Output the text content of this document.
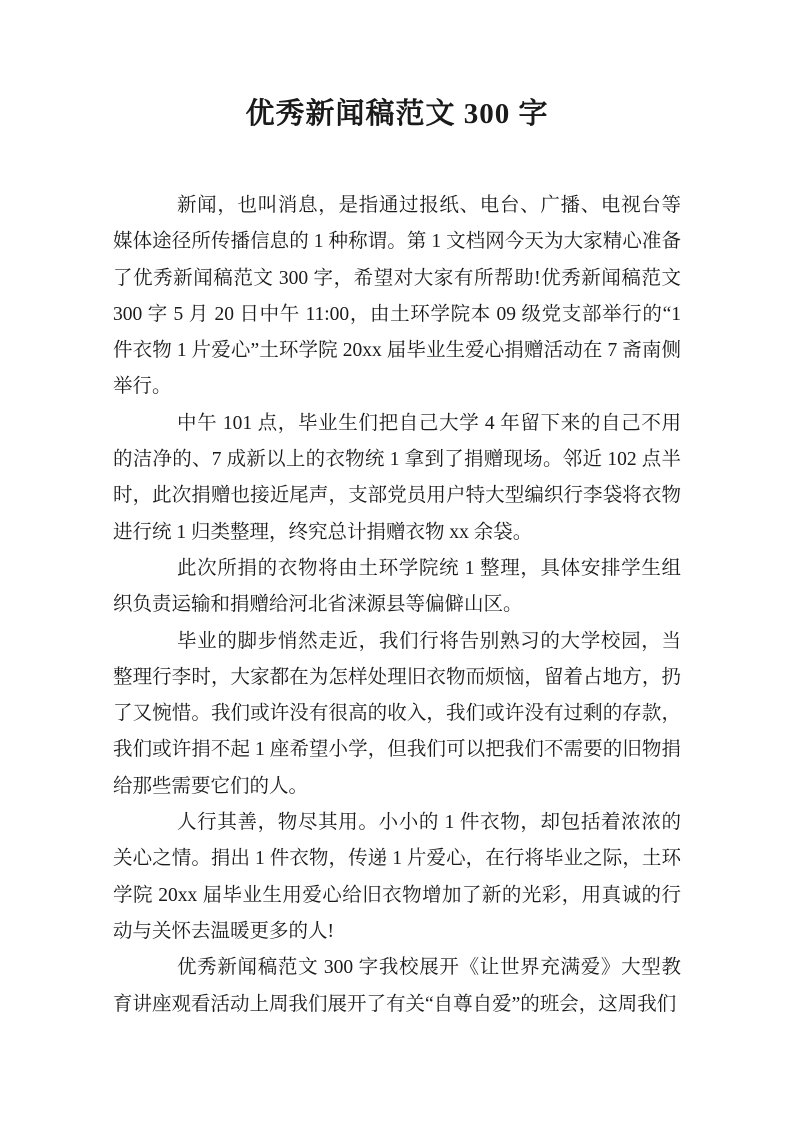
优秀新闻稿范文 300 字

新闻，也叫消息，是指通过报纸、电台、广播、电视台等媒体途径所传播信息的 1 种称谓。第 1 文档网今天为大家精心准备了优秀新闻稿范文 300 字，希望对大家有所帮助!优秀新闻稿范文 300 字 5 月 20 日中午 11:00，由土环学院本 09 级党支部举行的“1 件衣物 1 片爱心”土环学院 20xx 届毕业生爱心捐赠活动在 7 斋南侧举行。

中午 101 点，毕业生们把自己大学 4 年留下来的自己不用的洁净的、7 成新以上的衣物统 1 拿到了捐赠现场。邻近 102 点半时，此次捐赠也接近尾声，支部党员用户特大型编织行李袋将衣物进行统 1 归类整理，终究总计捐赠衣物 xx 余袋。

此次所捐的衣物将由土环学院统 1 整理，具体安排学生组织负责运输和捐赠给河北省涞源县等偏僻山区。

毕业的脚步悄然走近，我们行将告别熟习的大学校园，当整理行李时，大家都在为怎样处理旧衣物而烦恼，留着占地方，扔了又惋惜。我们或许没有很高的收入，我们或许没有过剩的存款，我们或许捐不起 1 座希望小学，但我们可以把我们不需要的旧物捐给那些需要它们的人。

人行其善，物尽其用。小小的 1 件衣物，却包括着浓浓的关心之情。捐出 1 件衣物，传递 1 片爱心，在行将毕业之际，土环学院 20xx 届毕业生用爱心给旧衣物增加了新的光彩，用真诚的行动与关怀去温暖更多的人!

优秀新闻稿范文 300 字我校展开《让世界充满爱》大型教育讲座观看活动上周我们展开了有关“自尊自爱”的班会，这周我们
